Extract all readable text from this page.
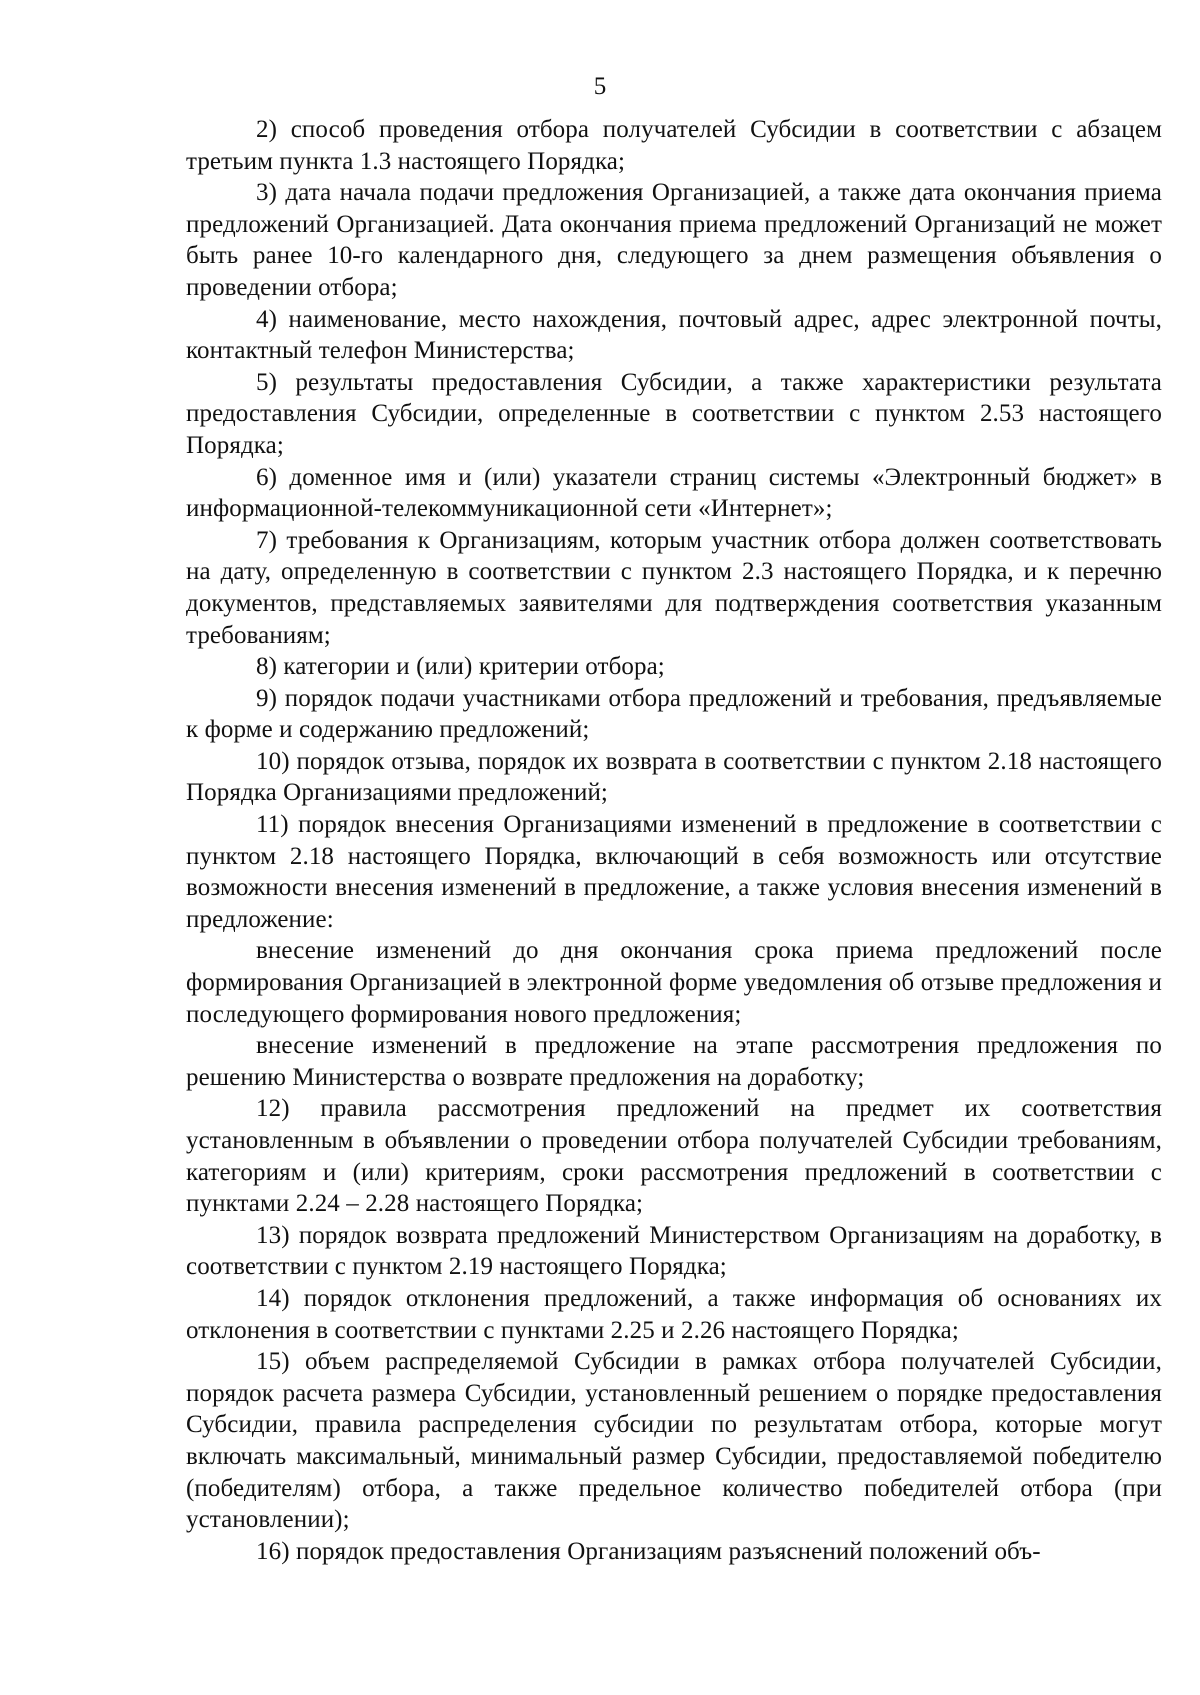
5

2) способ проведения отбора получателей Субсидии в соответствии с абзацем третьим пункта 1.3 настоящего Порядка;

3) дата начала подачи предложения Организацией, а также дата окончания приема предложений Организацией. Дата окончания приема предложений Организаций не может быть ранее 10-го календарного дня, следующего за днем размещения объявления о проведении отбора;

4) наименование, место нахождения, почтовый адрес, адрес электронной почты, контактный телефон Министерства;

5) результаты предоставления Субсидии, а также характеристики результата предоставления Субсидии, определенные в соответствии с пунктом 2.53 настоящего Порядка;

6) доменное имя и (или) указатели страниц системы «Электронный бюджет» в информационной-телекоммуникационной сети «Интернет»;

7) требования к Организациям, которым участник отбора должен соответствовать на дату, определенную в соответствии с пунктом 2.3 настоящего Порядка, и к перечню документов, представляемых заявителями для подтверждения соответствия указанным требованиям;

8) категории и (или) критерии отбора;

9) порядок подачи участниками отбора предложений и требования, предъявляемые к форме и содержанию предложений;

10) порядок отзыва, порядок их возврата в соответствии с пунктом 2.18 настоящего Порядка Организациями предложений;

11) порядок внесения Организациями изменений в предложение в соответствии с пунктом 2.18 настоящего Порядка, включающий в себя возможность или отсутствие возможности внесения изменений в предложение, а также условия внесения изменений в предложение:

внесение изменений до дня окончания срока приема предложений после формирования Организацией в электронной форме уведомления об отзыве предложения и последующего формирования нового предложения;

внесение изменений в предложение на этапе рассмотрения предложения по решению Министерства о возврате предложения на доработку;

12) правила рассмотрения предложений на предмет их соответствия установленным в объявлении о проведении отбора получателей Субсидии требованиям, категориям и (или) критериям, сроки рассмотрения предложений в соответствии с пунктами 2.24 – 2.28 настоящего Порядка;

13) порядок возврата предложений Министерством Организациям на доработку, в соответствии с пунктом 2.19 настоящего Порядка;

14) порядок отклонения предложений, а также информация об основаниях их отклонения в соответствии с пунктами 2.25 и 2.26 настоящего Порядка;

15) объем распределяемой Субсидии в рамках отбора получателей Субсидии, порядок расчета размера Субсидии, установленный решением о порядке предоставления Субсидии, правила распределения субсидии по результатам отбора, которые могут включать максимальный, минимальный размер Субсидии, предоставляемой победителю (победителям) отбора, а также предельное количество победителей отбора (при установлении);

16) порядок предоставления Организациям разъяснений положений объ-
